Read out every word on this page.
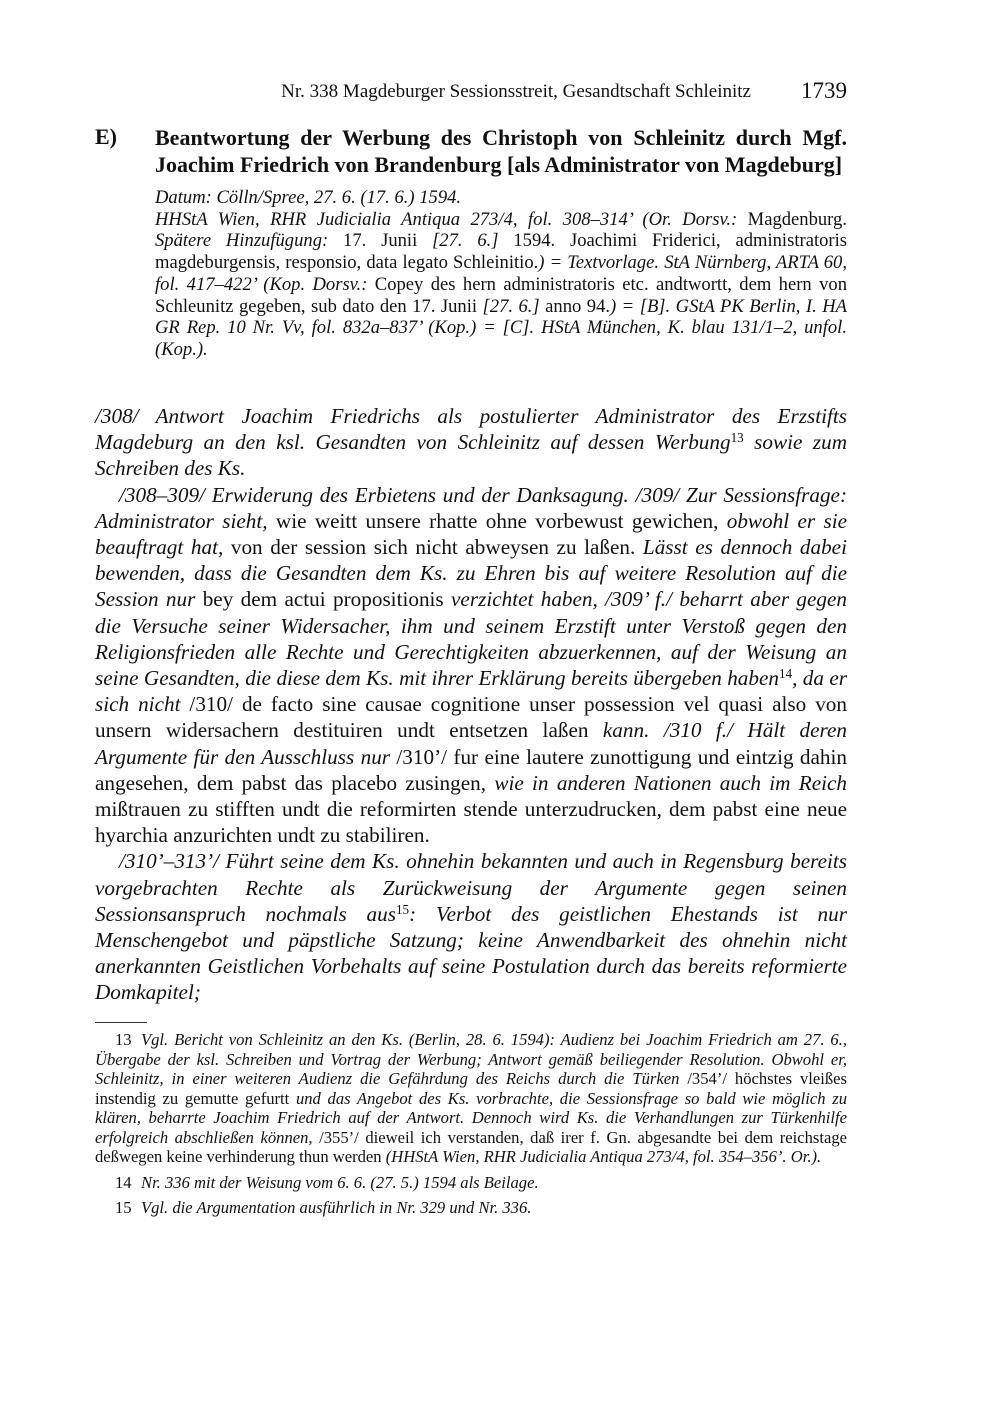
Nr. 338 Magdeburger Sessionsstreit, Gesandtschaft Schleinitz 1739
E) Beantwortung der Werbung des Christoph von Schleinitz durch Mgf. Joachim Friedrich von Brandenburg [als Administrator von Magdeburg]

Datum: Cölln/Spree, 27. 6. (17. 6.) 1594.

HHStA Wien, RHR Judicialia Antiqua 273/4, fol. 308–314’ (Or. Dorsv.: Magdenburg. Spätere Hinzufügung: 17. Junii [27. 6.] 1594. Joachimi Friderici, administratoris magdeburgensis, responsio, data legato Schleinitio.) = Textvorlage. StA Nürnberg, ARTA 60, fol. 417–422’ (Kop. Dorsv.: Copey des hern administratoris etc. andtwortt, dem hern von Schleunitz gegeben, sub dato den 17. Junii [27. 6.] anno 94.) = [B]. GStA PK Berlin, I. HA GR Rep. 10 Nr. Vv, fol. 832a–837’ (Kop.) = [C]. HStA München, K. blau 131/1–2, unfol. (Kop.).

/308/ Antwort Joachim Friedrichs als postulierter Administrator des Erzstifts Magdeburg an den ksl. Gesandten von Schleinitz auf dessen Werbung$^{13}$ sowie zum Schreiben des Ks.

/308–309/ Erwiderung des Erbietens und der Danksagung. /309/ Zur Sessionsfrage: Administrator sieht, wie weitt unsere rhatte ohne vorbewust gewichen, obwohl er sie beauftragt hat, von der session sich nicht abweysen zu laßen. Lässt es dennoch dabei bewenden, dass die Gesandten dem Ks. zu Ehren bis auf weitere Resolution auf die Session nur bey dem actui propositionis verzichtet haben, /309’ f./ beharrt aber gegen die Versuche seiner Widersacher, ihm und seinem Erzstift unter Verstoß gegen den Religionsfrieden alle Rechte und Gerechtigkeiten abzuerkennen, auf der Weisung an seine Gesandten, die diese dem Ks. mit ihrer Erklärung bereits übergeben haben$^{14}$, da er sich nicht /310/ de facto sine causae cognitione unser possession vel quasi also von unsern widersachern destituiren undt entsetzen laßen kann. /310 f./ Hält deren Argumente für den Ausschluss nur /310’/ fur eine lautere zunottigung und eintzig dahin angesehen, dem pabst das placebo zusingen, wie in anderen Nationen auch im Reich mißtrauen zu stifften undt die reformirten stende unterzudrucken, dem pabst eine neue hyarchia anzurichten undt zu stabiliren.

/310’–313’/ Führt seine dem Ks. ohnehin bekannten und auch in Regensburg bereits vorgebrachten Rechte als Zurückweisung der Argumente gegen seinen Sessionsanspruch nochmals aus$^{15}$: Verbot des geistlichen Ehestands ist nur Menschengebot und päpstliche Satzung; keine Anwendbarkeit des ohnehin nicht anerkannten Geistlichen Vorbehalts auf seine Postulation durch das bereits reformierte Domkapitel;

13 Vgl. Bericht von Schleinitz an den Ks. (Berlin, 28. 6. 1594): Audienz bei Joachim Friedrich am 27. 6., Übergabe der ksl. Schreiben und Vortrag der Werbung; Antwort gemäß beiliegender Resolution. Obwohl er, Schleinitz, in einer weiteren Audienz die Gefährdung des Reichs durch die Türken /354’/ höchstes vleißes instendig zu gemutte gefurtt und das Angebot des Ks. vorbrachte, die Sessionsfrage so bald wie möglich zu klären, beharrte Joachim Friedrich auf der Antwort. Dennoch wird Ks. die Verhandlungen zur Türkenhilfe erfolgreich abschließen können, /355’/ dieweil ich verstanden, daß irer f. Gn. abgesandte bei dem reichstage deßwegen keine verhinderung thun werden (HHStA Wien, RHR Judicialia Antiqua 273/4, fol. 354–356’. Or.).

14 Nr. 336 mit der Weisung vom 6. 6. (27. 5.) 1594 als Beilage.

15 Vgl. die Argumentation ausführlich in Nr. 329 und Nr. 336.
